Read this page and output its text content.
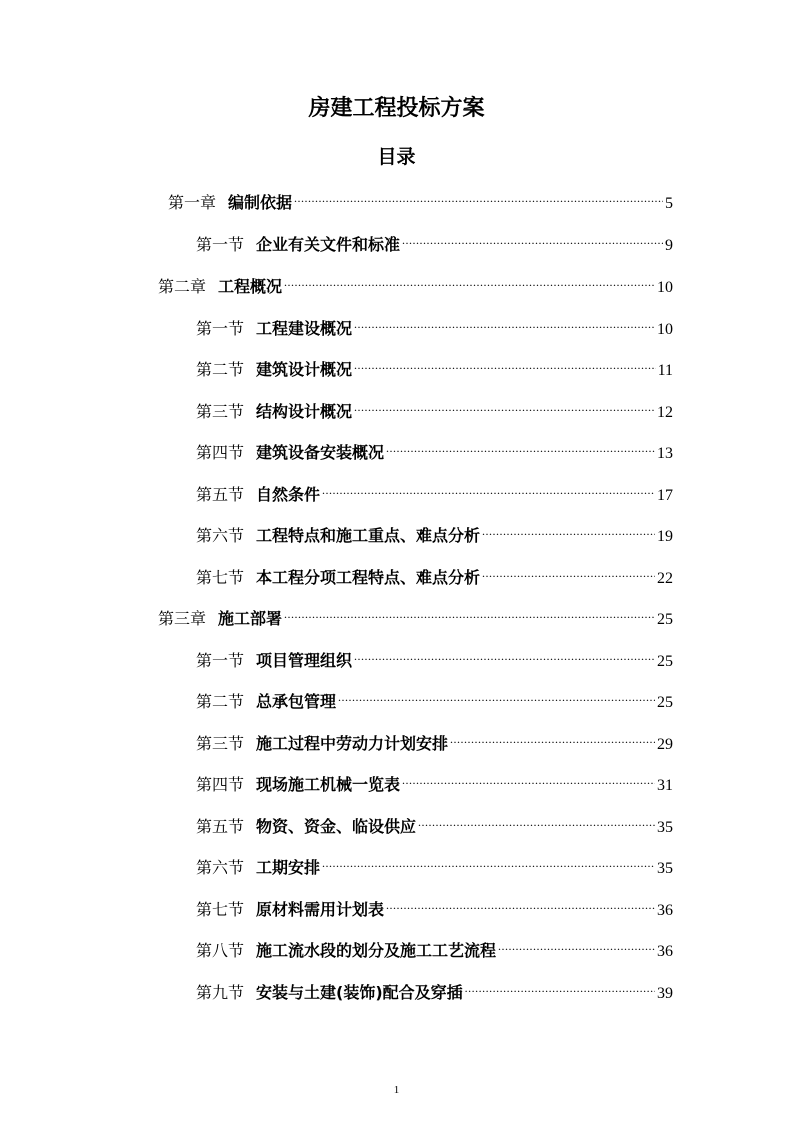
房建工程投标方案
目录
第一章 编制依据 .....	5
第一节 企业有关文件和标准 .....	9
第二章 工程概况 .....	10
第一节 工程建设概况 .....	10
第二节 建筑设计概况 .....	11
第三节 结构设计概况 .....	12
第四节 建筑设备安装概况 .....	13
第五节 自然条件 .....	17
第六节 工程特点和施工重点、难点分析 .....	19
第七节 本工程分项工程特点、难点分析 .....	22
第三章 施工部署 .....	25
第一节 项目管理组织 .....	25
第二节 总承包管理 .....	25
第三节 施工过程中劳动力计划安排 .....	29
第四节 现场施工机械一览表 .....	31
第五节 物资、资金、临设供应 .....	35
第六节 工期安排 .....	35
第七节 原材料需用计划表 .....	36
第八节 施工流水段的划分及施工工艺流程 .....	36
第九节 安装与土建(装饰)配合及穿插 .....	39
1
